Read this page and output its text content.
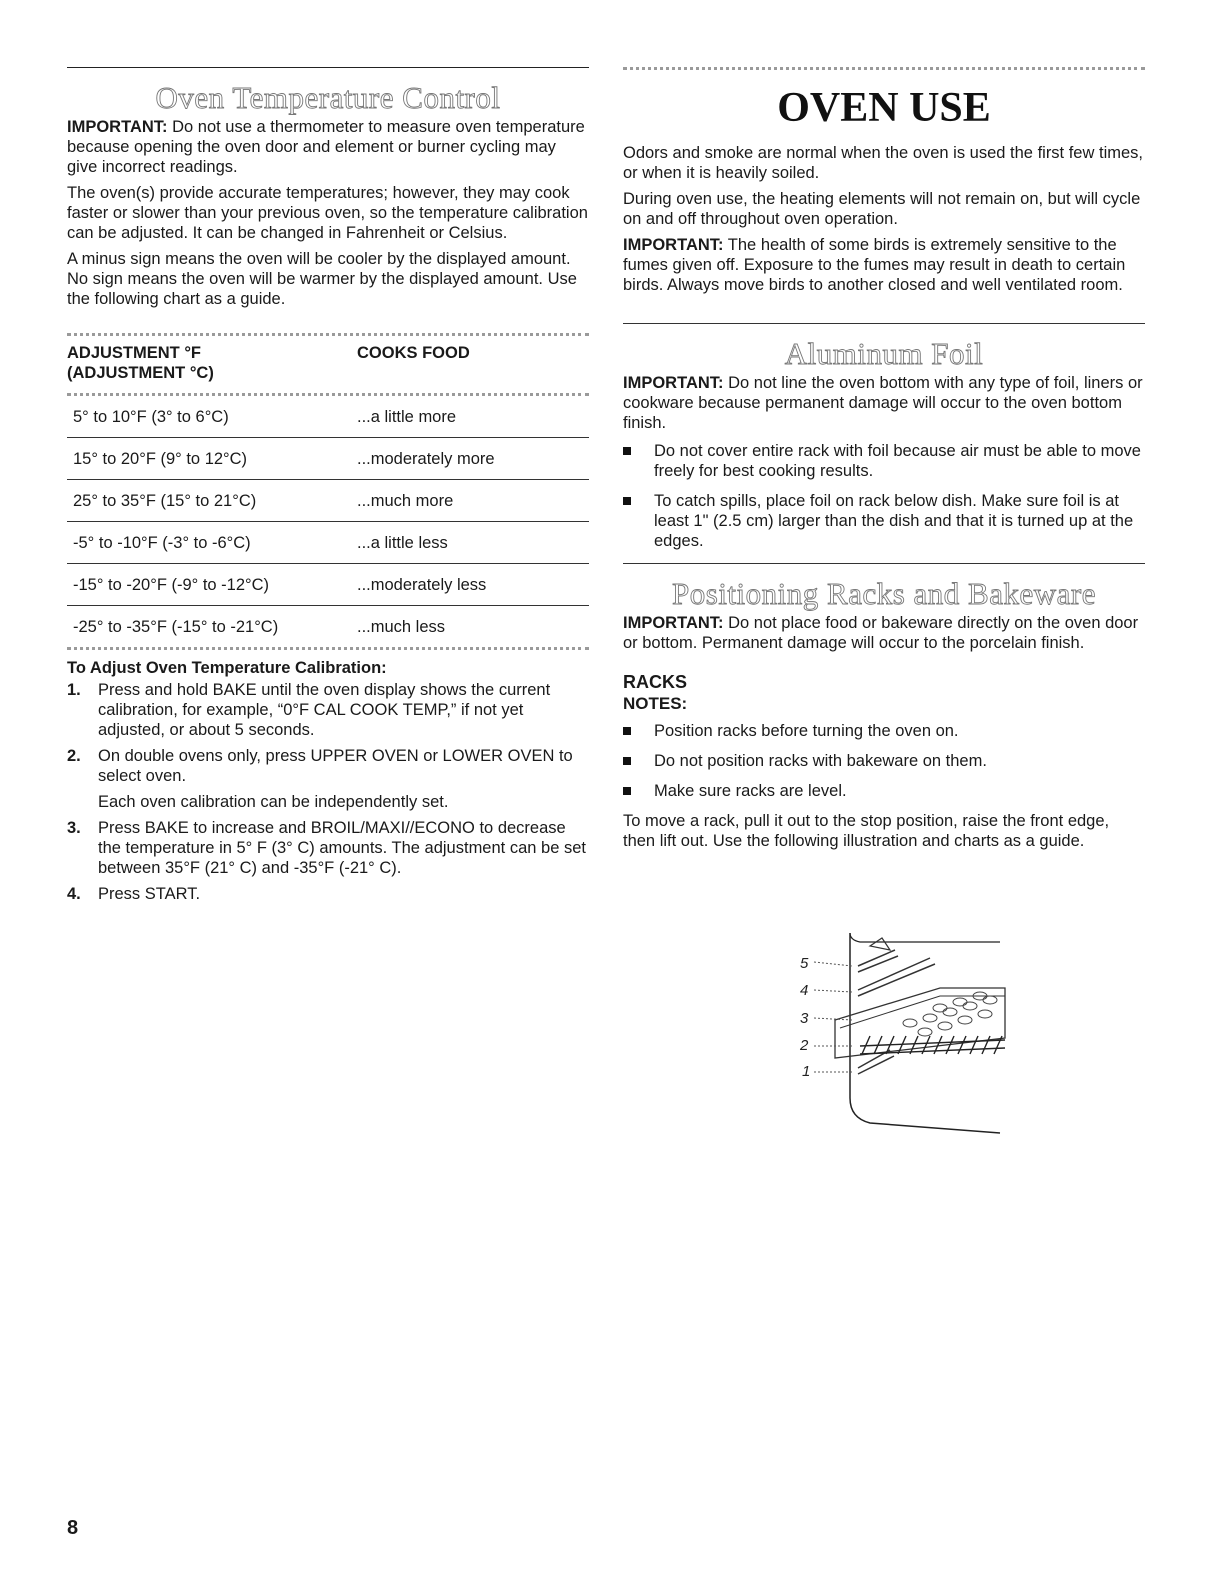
Oven Temperature Control

IMPORTANT: Do not use a thermometer to measure oven temperature because opening the oven door and element or burner cycling may give incorrect readings.

The oven(s) provide accurate temperatures; however, they may cook faster or slower than your previous oven, so the temperature calibration can be adjusted. It can be changed in Fahrenheit or Celsius.

A minus sign means the oven will be cooler by the displayed amount. No sign means the oven will be warmer by the displayed amount. Use the following chart as a guide.

ADJUSTMENT °F
(ADJUSTMENT °C)	COOKS FOOD

5° to 10°F (3° to 6°C)	...a little more
15° to 20°F (9° to 12°C)	...moderately more
25° to 35°F (15° to 21°C)	...much more
-5° to -10°F (-3° to -6°C)	...a little less
-15° to -20°F (-9° to -12°C)	...moderately less
-25° to -35°F (-15° to -21°C)	...much less
To Adjust Oven Temperature Calibration:
1. Press and hold BAKE until the oven display shows the current calibration, for example, “0°F CAL COOK TEMP,” if not yet adjusted, or about 5 seconds.
2. On double ovens only, press UPPER OVEN or LOWER OVEN to select oven.
Each oven calibration can be independently set.
3. Press BAKE to increase and BROIL/MAXI//ECONO to decrease the temperature in 5° F (3° C) amounts. The adjustment can be set between 35°F (21° C) and -35°F (-21° C).
4. Press START.
OVEN USE

Odors and smoke are normal when the oven is used the first few times, or when it is heavily soiled.

During oven use, the heating elements will not remain on, but will cycle on and off throughout oven operation.

IMPORTANT: The health of some birds is extremely sensitive to the fumes given off. Exposure to the fumes may result in death to certain birds. Always move birds to another closed and well ventilated room.

Aluminum Foil

IMPORTANT: Do not line the oven bottom with any type of foil, liners or cookware because permanent damage will occur to the oven bottom finish.

Do not cover entire rack with foil because air must be able to move freely for best cooking results.
To catch spills, place foil on rack below dish. Make sure foil is at least 1" (2.5 cm) larger than the dish and that it is turned up at the edges.
Positioning Racks and Bakeware

IMPORTANT: Do not place food or bakeware directly on the oven door or bottom. Permanent damage will occur to the porcelain finish.

RACKS
NOTES:
Position racks before turning the oven on.
Do not position racks with bakeware on them.
Make sure racks are level.

To move a rack, pull it out to the stop position, raise the front edge, then lift out. Use the following illustration and charts as a guide.

5
4
3
2
1
8
